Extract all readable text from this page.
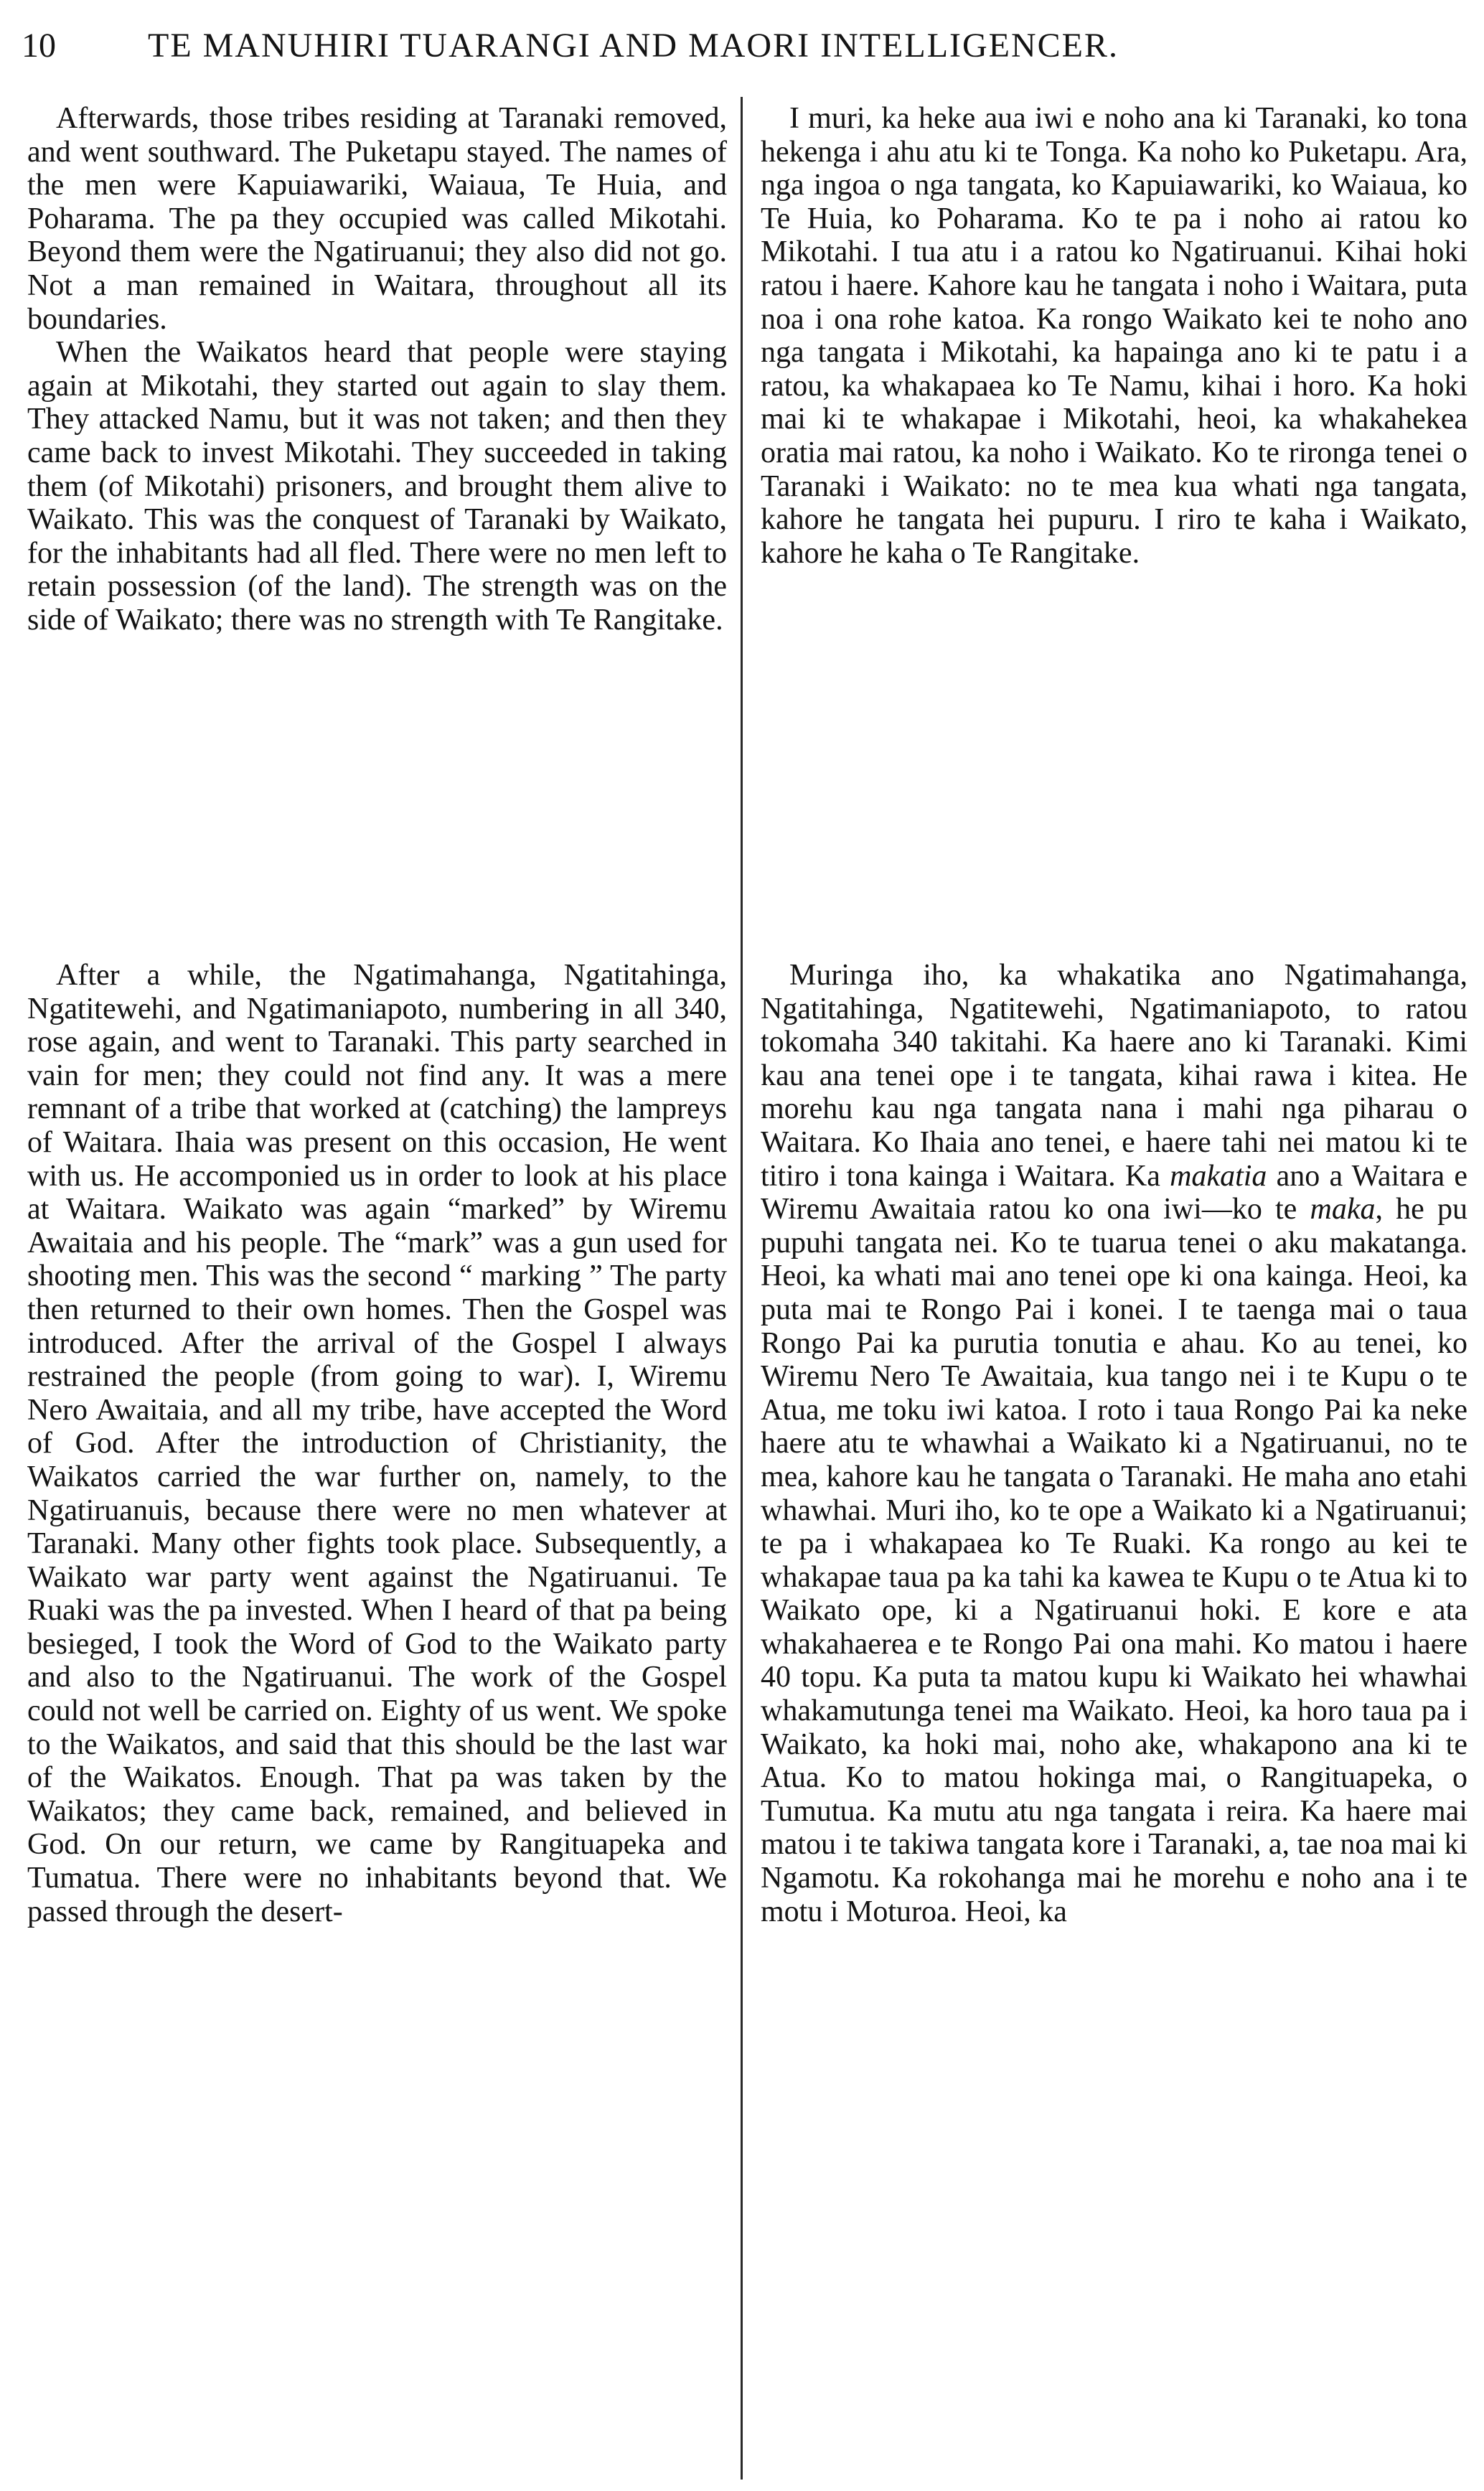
10	TE MANUHIRI TUARANGI AND MAORI INTELLIGENCER.

Afterwards, those tribes residing at Taranaki removed, and went southward. The Puketapu stayed. The names of the men were Kapuiawariki, Waiaua, Te Huia, and Poharama. The pa they occupied was called Mikotahi. Beyond them were the Ngatiruanui; they also did not go. Not a man remained in Waitara, throughout all its boundaries.

When the Waikatos heard that people were staying again at Mikotahi, they started out again to slay them. They attacked Namu, but it was not taken; and then they came back to invest Mikotahi. They succeeded in taking them (of Mikotahi) prisoners, and brought them alive to Waikato. This was the conquest of Taranaki by Waikato, for the inhabitants had all fled. There were no men left to retain possession (of the land). The strength was on the side of Waikato; there was no strength with Te Rangitake.

I muri, ka heke aua iwi e noho ana ki Taranaki, ko tona hekenga i ahu atu ki te Tonga. Ka noho ko Puketapu. Ara, nga ingoa o nga tangata, ko Kapuiawariki, ko Waiaua, ko Te Huia, ko Poharama. Ko te pa i noho ai ratou ko Mikotahi. I tua atu i a ratou ko Ngatiruanui. Kihai hoki ratou i haere. Kahore kau he tangata i noho i Waitara, puta noa i ona rohe katoa. Ka rongo Waikato kei te noho ano nga tangata i Mikotahi, ka hapainga ano ki te patu i a ratou, ka whakapaea ko Te Namu, kihai i horo. Ka hoki mai ki te whakapae i Mikotahi, heoi, ka whakahekea oratia mai ratou, ka noho i Waikato. Ko te rironga tenei o Taranaki i Waikato: no te mea kua whati nga tangata, kahore he tangata hei pupuru. I riro te kaha i Waikato, kahore he kaha o Te Rangitake.

After a while, the Ngatimahanga, Ngatitahinga, Ngatitewehi, and Ngatimaniapoto, numbering in all 340, rose again, and went to Taranaki. This party searched in vain for men; they could not find any. It was a mere remnant of a tribe that worked at (catching) the lampreys of Waitara. Ihaia was present on this occasion, He went with us. He accomponied us in order to look at his place at Waitara. Waikato was again “marked” by Wiremu Awaitaia and his people. The “mark” was a gun used for shooting men. This was the second “ marking ” The party then returned to their own homes. Then the Gospel was introduced. After the arrival of the Gospel I always restrained the people (from going to war). I, Wiremu Nero Awaitaia, and all my tribe, have accepted the Word of God. After the introduction of Christianity, the Waikatos carried the war further on, namely, to the Ngatiruanuis, because there were no men whatever at Taranaki. Many other fights took place. Subsequently, a Waikato war party went against the Ngatiruanui. Te Ruaki was the pa invested. When I heard of that pa being besieged, I took the Word of God to the Waikato party and also to the Ngatiruanui. The work of the Gospel could not well be carried on. Eighty of us went. We spoke to the Waikatos, and said that this should be the last war of the Waikatos. Enough. That pa was taken by the Waikatos; they came back, remained, and believed in God. On our return, we came by Rangituapeka and Tumatua. There were no inhabitants beyond that. We passed through the desert-

Muringa iho, ka whakatika ano Ngatimahanga, Ngatitahinga, Ngatitewehi, Ngatimaniapoto, to ratou tokomaha 340 takitahi. Ka haere ano ki Taranaki. Kimi kau ana tenei ope i te tangata, kihai rawa i kitea. He morehu kau nga tangata nana i mahi nga piharau o Waitara. Ko Ihaia ano tenei, e haere tahi nei matou ki te titiro i tona kainga i Waitara. Ka makatia ano a Waitara e Wiremu Awaitaia ratou ko ona iwi—ko te maka, he pu pupuhi tangata nei. Ko te tuarua tenei o aku makatanga. Heoi, ka whati mai ano tenei ope ki ona kainga. Heoi, ka puta mai te Rongo Pai i konei. I te taenga mai o taua Rongo Pai ka purutia tonutia e ahau. Ko au tenei, ko Wiremu Nero Te Awaitaia, kua tango nei i te Kupu o te Atua, me toku iwi katoa. I roto i taua Rongo Pai ka neke haere atu te whawhai a Waikato ki a Ngatiruanui, no te mea, kahore kau he tangata o Taranaki. He maha ano etahi whawhai. Muri iho, ko te ope a Waikato ki a Ngatiruanui; te pa i whakapaea ko Te Ruaki. Ka rongo au kei te whakapae taua pa ka tahi ka kawea te Kupu o te Atua ki to Waikato ope, ki a Ngatiruanui hoki. E kore e ata whakahaerea e te Rongo Pai ona mahi. Ko matou i haere 40 topu. Ka puta ta matou kupu ki Waikato hei whawhai whakamutunga tenei ma Waikato. Heoi, ka horo taua pa i Waikato, ka hoki mai, noho ake, whakapono ana ki te Atua. Ko to matou hokinga mai, o Rangituapeka, o Tumutua. Ka mutu atu nga tangata i reira. Ka haere mai matou i te takiwa tangata kore i Taranaki, a, tae noa mai ki Ngamotu. Ka rokohanga mai he morehu e noho ana i te motu i Moturoa. Heoi, ka
